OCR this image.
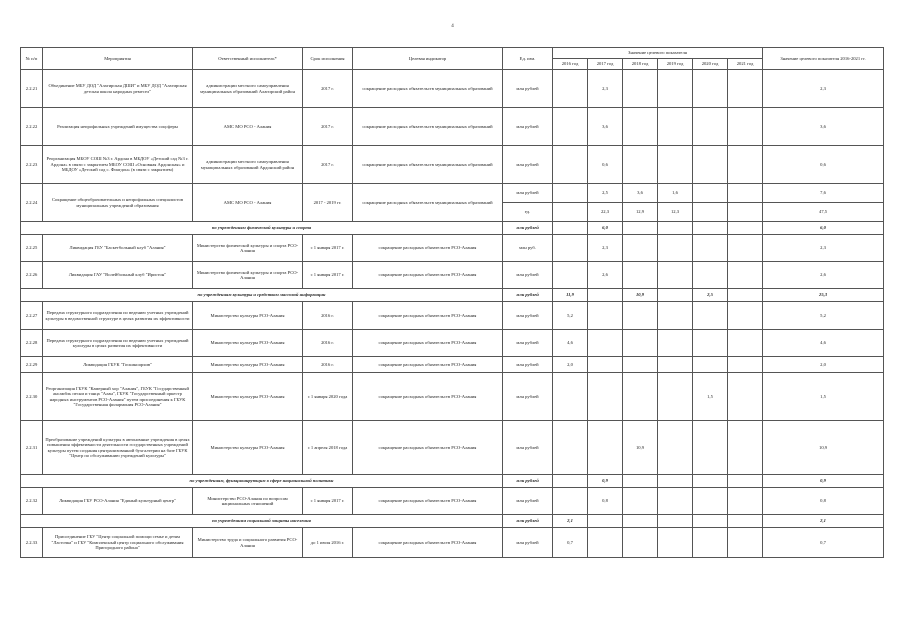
4
№ п/п	Мероприятия	Ответственный исполнитель*	Срок исполнения	Целевая индикатор	Ед. изм.	Значение целевого показателя						Значение целевого показателя 2016-2021 гг.
						2016 год	2017 год	2018 год	2019 год	2020 год	2021 год	
2.2.21	Объединение МБУ ДОД "Алагирская ДШИ" и МБУ ДОД "Алагирская детская школа народных ремесел"	администрации местного самоуправления муниципальных образований Алагирский район	2017 г.	сокращение расходных обязательств муниципальных образований	млн рублей		2,3					2,3
2.2.22	Реализация непрофильных учреждений имущества соцсферы	АМС МО РСО - Алания	2017 г.	сокращение расходных обязательств муниципальных образований	млн рублей		3,6					3,6
2.2.23	Реорганизация МБОУ СОШ №3 г. Ардона в МБДОУ «Детский сад №3 г. Ардона» в связи с закрытием МБОУ СОШ «Основная Ардонская» и МБДОУ «Детский сад с. Фиагдон» (в связи с закрытием)	администрации местного самоуправления муниципальных образований Ардонский район	2017 г.	сокращение расходных обязательств муниципальных образований	млн рублей		0,6					0,6
2.2.24	Сокращение общеобразовательных и непрофильных специалистов муниципальных учреждений образования	АМС МО РСО - Алания	2017 - 2019 гг.	сокращение расходных обязательств муниципальных образований	млн рублей		2,5	3,6	1,6			7,6
					ед.		22,3	12,9	12,3			47,5
по учреждениям физической культуры и спорта					млн рублей		6,0					6,0
2.2.25	Ликвидация ГБУ "Баскетбольный клуб "Алания"	Министерство физической культуры и спорта РСО-Алания	с 1 января 2017 г.	сокращение расходных обязательств РСО-Алания	млн руб.		2,3					2,3
2.2.26	Ликвидация ГАУ "Волейбольный клуб "Иристон"	Министерство физической культуры и спорта РСО-Алания	с 1 января 2017 г.	сокращение расходных обязательств РСО-Алания	млн рублей		2,6					2,6
по учреждениям культуры и средствам массовой информации					млн рублей	11,9		10,9		2,5		25,3
2.2.27	Передача структурного подразделения по ведению учетных учреждений культуры в ведомственной структуре в целях развития их эффективности	Министерство культуры РСО-Алания	2016 г.	сокращение расходных обязательств РСО-Алания	млн рублей	5,2						5,2
2.2.28	Передача структурного подразделения по ведению учетных учреждений культуры в целях развития их эффективности	Министерство культуры РСО-Алания	2016 г.	сокращение расходных обязательств РСО-Алания	млн рублей	4,6						4,6
2.2.29	Ликвидация ГБУК "Госкиноархив"	Министерство культуры РСО-Алания	2016 г.	сокращение расходных обязательств РСО-Алания	млн рублей	2,0						2,0
2.2.30	Реорганизация ГБУК "Камерный хор "Алания", ГБУК "Государственный ансамбль песни и танца "Алан", ГБУК "Государственный оркестр народных инструментов РСО-Алания" путем присоединения к ГБУК "Государственная филармония РСO-Алания"	Министерство культуры РСО-Алания	с 1 января 2020 года	сокращение расходных обязательств РСО-Алания	млн рублей					1,5		1,5
2.2.31	Преобразование учреждений культуры в автономные учреждения в целях повышения эффективности деятельности государственных учреждений культуры путем создания централизованной бухгалтерии на базе ГБУК "Центр по обслуживанию учреждений культуры"	Министерство культуры РСО-Алания	с 1 апреля 2018 года	сокращение расходных обязательств РСО-Алания	млн рублей			10,9				10,9
по учреждениям, функционирующим в сфере национальной политики					млн рублей		0,9					0,9
2.2.32	Ликвидация ГБУ РСО-Алания "Единый культурный центр"	Министерство РСО-Алания по вопросам национальных отношений	с 1 января 2017 г.	сокращение расходных обязательств РСО-Алания	млн рублей		0,8					0,8
по учреждениям социальной защиты населения					млн рублей	2,1						2,1
2.2.33	Присоединение ГБУ "Центр социальной помощи семье и детям "Ласточка" и ГБУ "Комплексный центр социального обслуживания Пригородного района"	Министерство труда и социального развития РСО-Алания	до 1 июля 2016 г.	сокращение расходных обязательств РСО-Алания	млн рублей	0,7						0,7
